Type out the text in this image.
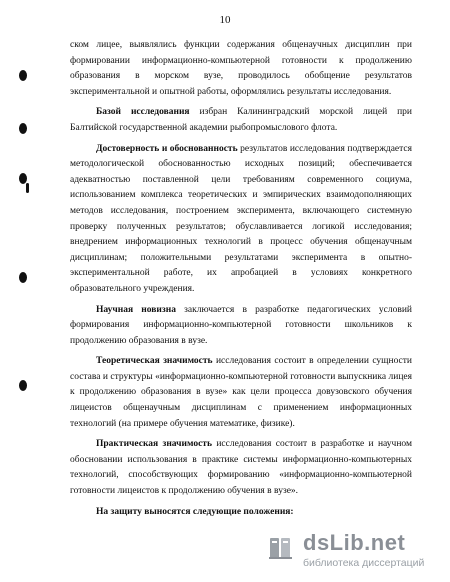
10

ском лицее, выявлялись функции содержания общенаучных дисциплин при формировании информационно-компьютерной готовности к продолжению образования в морском вузе, проводилось обобщение результатов экспериментальной и опытной работы, оформлялись результаты исследования.

Базой исследования избран Калининградский морской лицей при Балтийской государственной академии рыбопромыслового флота.

Достоверность и обоснованность результатов исследования подтверждается методологической обоснованностью исходных позиций; обеспечивается адекватностью поставленной цели требованиям современного социума, использованием комплекса теоретических и эмпирических взаимодополняющих методов исследования, построением эксперимента, включающего системную проверку полученных результатов; обуславливается логикой исследования; внедрением информационных технологий в процесс обучения общенаучным дисциплинам; положительными результатами эксперимента в опытно-экспериментальной работе, их апробацией в условиях конкретного образовательного учреждения.

Научная новизна заключается в разработке педагогических условий формирования информационно-компьютерной готовности школьников к продолжению образования в вузе.

Теоретическая значимость исследования состоит в определении сущности состава и структуры «информационно-компьютерной готовности выпускника лицея к продолжению образования в вузе» как цели процесса довузовского обучения лицеистов общенаучным дисциплинам с применением информационных технологий (на примере обучения математике, физике).

Практическая значимость исследования состоит в разработке и научном обосновании использования в практике системы информационно-компьютерных технологий, способствующих формированию «информационно-компьютерной готовности лицеистов к продолжению обучения в вузе».

На защиту выносятся следующие положения:

dsLib.net
библиотека диссертаций
